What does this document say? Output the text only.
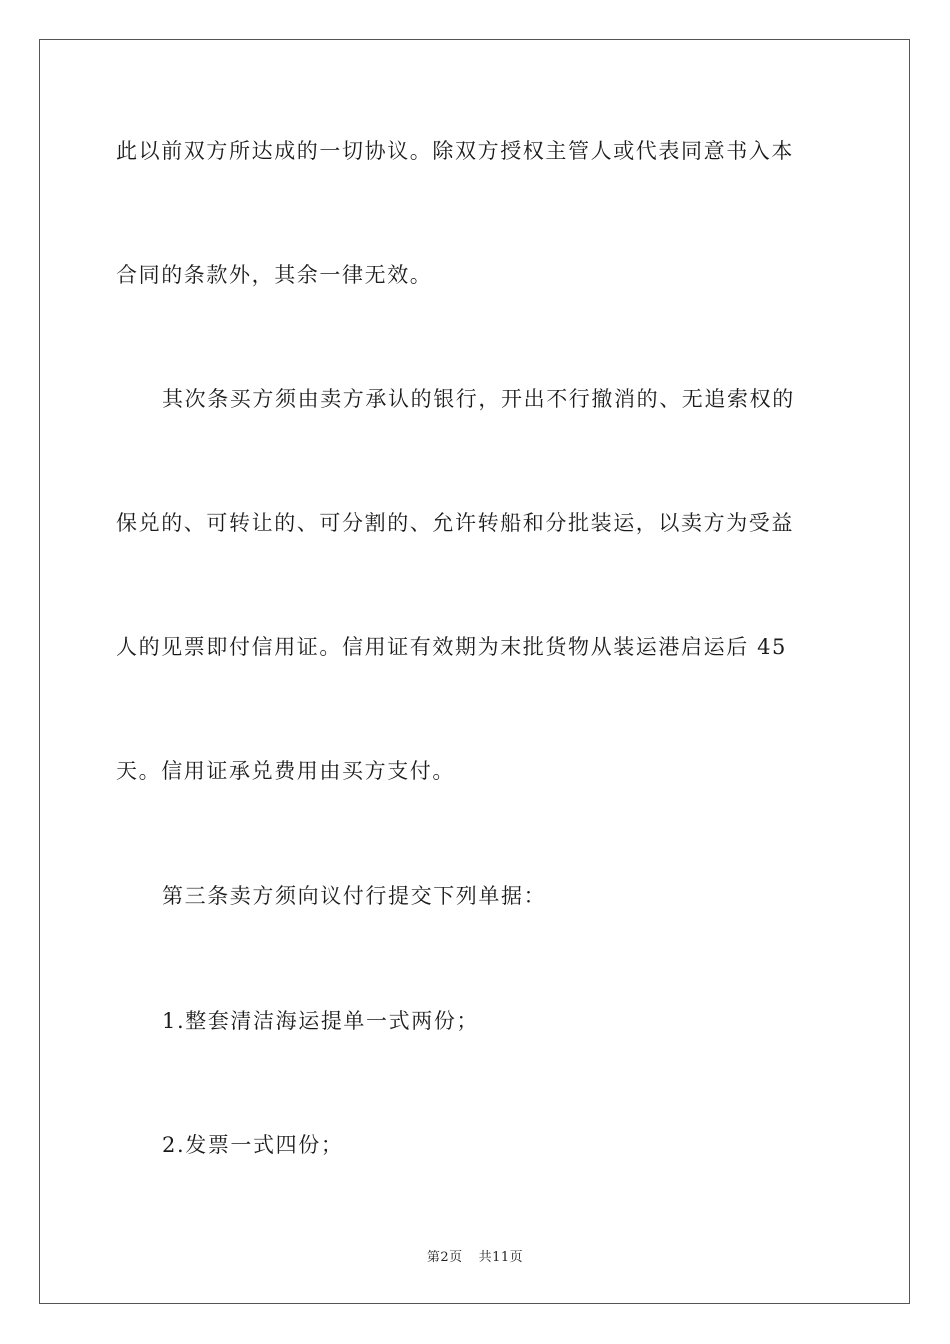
此以前双方所达成的一切协议。除双方授权主管人或代表同意书入本
合同的条款外，其余一律无效。
其次条买方须由卖方承认的银行，开出不行撤消的、无追索权的
保兑的、可转让的、可分割的、允许转船和分批装运，以卖方为受益
人的见票即付信用证。信用证有效期为末批货物从装运港启运后 45
天。信用证承兑费用由买方支付。
第三条卖方须向议付行提交下列单据：
1.整套清洁海运提单一式两份；
2.发票一式四份；
第2页 共11页
